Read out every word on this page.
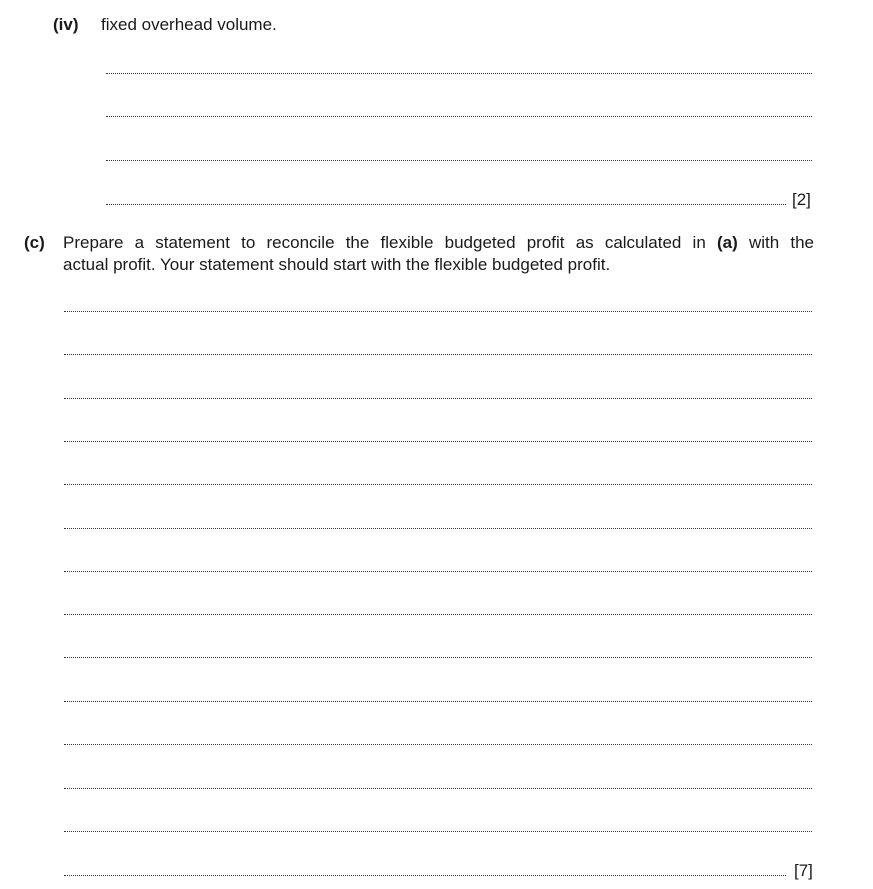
(iv) fixed overhead volume.
[2]
(c) Prepare a statement to reconcile the flexible budgeted profit as calculated in (a) with the
actual profit. Your statement should start with the flexible budgeted profit.
[7]
